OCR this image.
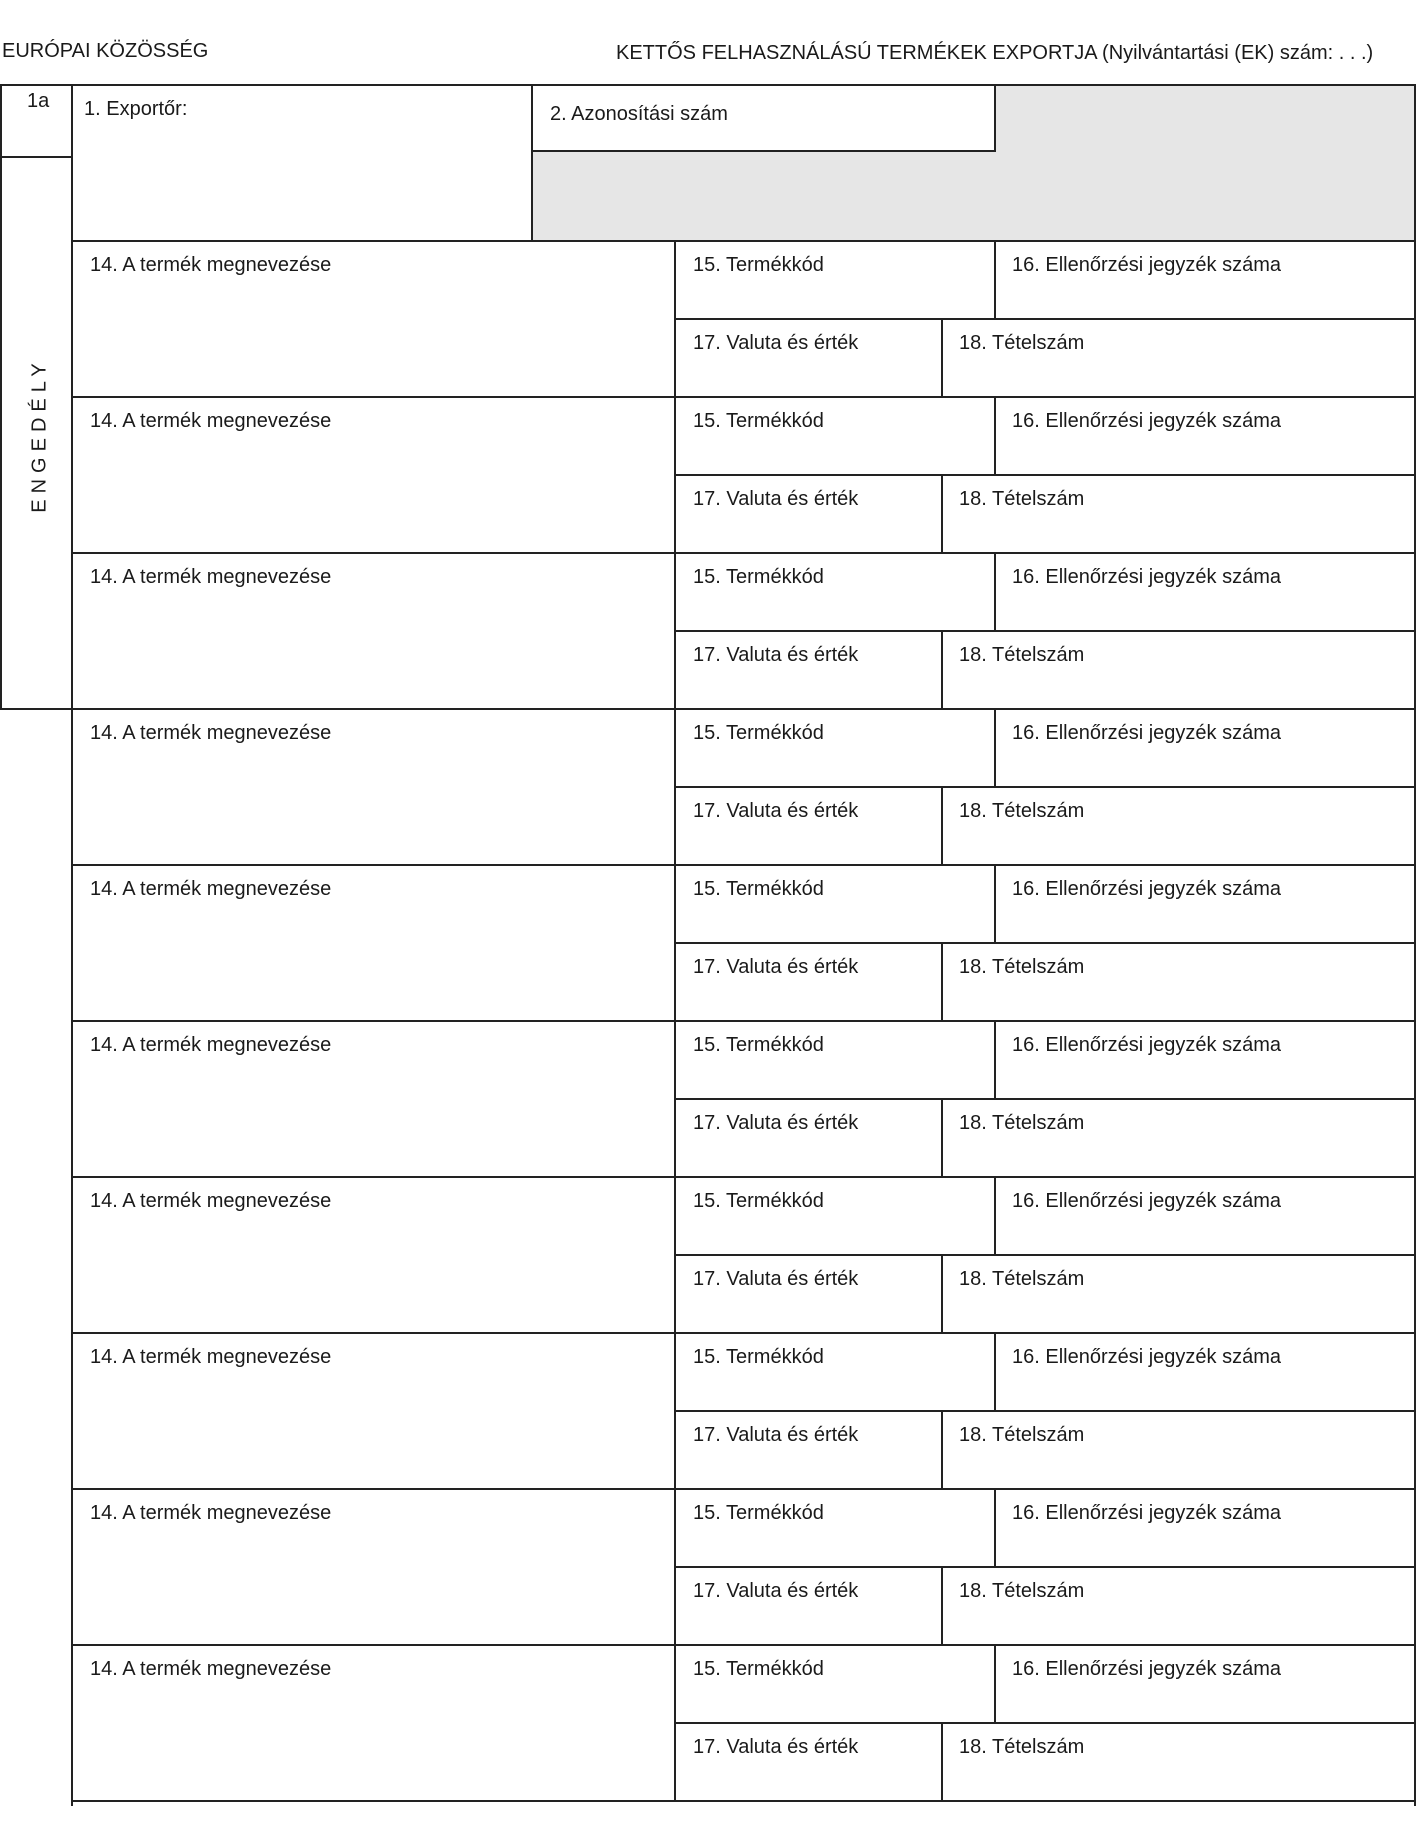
EURÓPAI KÖZÖSSÉG	KETTŐS FELHASZNÁLÁSÚ TERMÉKEK EXPORTJA (Nyilvántartási (EK) szám: . . .)
1a 1. Exportőr:	2. Azonosítási szám
ENGEDÉLY
14. A termék megnevezése	15. Termékkód	16. Ellenőrzési jegyzék száma
17. Valuta és érték	18. Tételszám
14. A termék megnevezése	15. Termékkód	16. Ellenőrzési jegyzék száma
17. Valuta és érték	18. Tételszám
14. A termék megnevezése	15. Termékkód	16. Ellenőrzési jegyzék száma
17. Valuta és érték	18. Tételszám
14. A termék megnevezése	15. Termékkód	16. Ellenőrzési jegyzék száma
17. Valuta és érték	18. Tételszám
14. A termék megnevezése	15. Termékkód	16. Ellenőrzési jegyzék száma
17. Valuta és érték	18. Tételszám
14. A termék megnevezése	15. Termékkód	16. Ellenőrzési jegyzék száma
17. Valuta és érték	18. Tételszám
14. A termék megnevezése	15. Termékkód	16. Ellenőrzési jegyzék száma
17. Valuta és érték	18. Tételszám
14. A termék megnevezése	15. Termékkód	16. Ellenőrzési jegyzék száma
17. Valuta és érték	18. Tételszám
14. A termék megnevezése	15. Termékkód	16. Ellenőrzési jegyzék száma
17. Valuta és érték	18. Tételszám
14. A termék megnevezése	15. Termékkód	16. Ellenőrzési jegyzék száma
17. Valuta és érték	18. Tételszám
